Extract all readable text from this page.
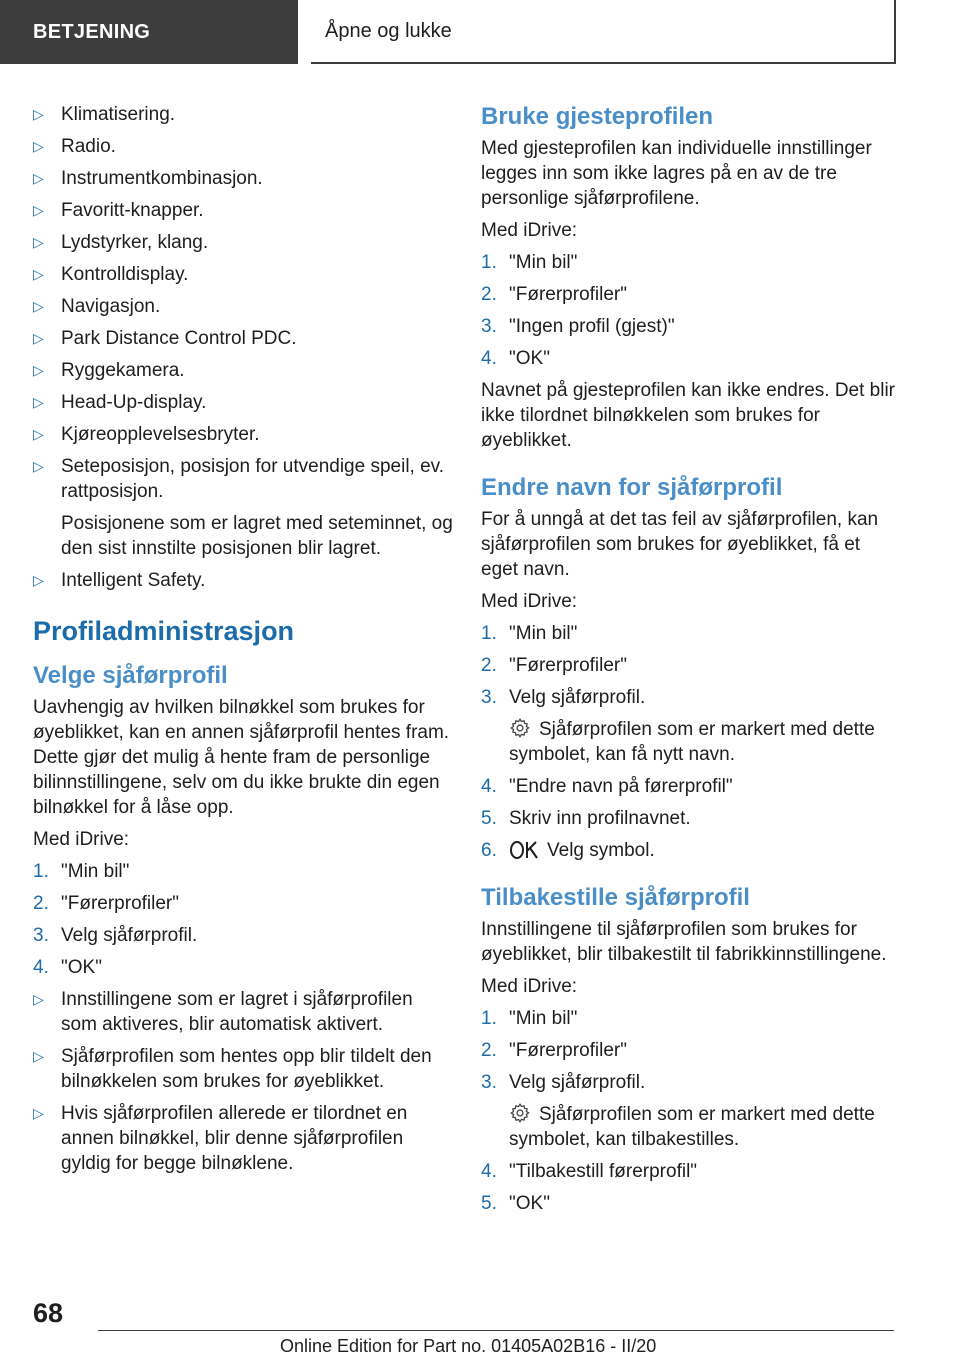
BETJENING	Åpne og lukke
▷ Klimatisering.
▷ Radio.
▷ Instrumentkombinasjon.
▷ Favoritt-knapper.
▷ Lydstyrker, klang.
▷ Kontrolldisplay.
▷ Navigasjon.
▷ Park Distance Control PDC.
▷ Ryggekamera.
▷ Head-Up-display.
▷ Kjøreopplevelsesbryter.
▷ Seteposisjon, posisjon for utvendige speil, ev. rattposisjon.
Posisjonene som er lagret med seteminnet, og den sist innstilte posisjonen blir lagret.
▷ Intelligent Safety.
Profiladministrasjon
Velge sjåførprofil

Uavhengig av hvilken bilnøkkel som brukes for øyeblikket, kan en annen sjåførprofil hentes fram. Dette gjør det mulig å hente fram de personlige bilinnstillingene, selv om du ikke brukte din egen bilnøkkel for å låse opp.

Med iDrive:

1. "Min bil"
2. "Førerprofiler"
3. Velg sjåførprofil.
4. "OK"
▷ Innstillingene som er lagret i sjåførprofilen som aktiveres, blir automatisk aktivert.
▷ Sjåførprofilen som hentes opp blir tildelt den bilnøkkelen som brukes for øyeblikket.
▷ Hvis sjåførprofilen allerede er tilordnet en annen bilnøkkel, blir denne sjåførprofilen gyldig for begge bilnøklene.
Bruke gjesteprofilen

Med gjesteprofilen kan individuelle innstillinger legges inn som ikke lagres på en av de tre personlige sjåførprofilene.

Med iDrive:

1. "Min bil"
2. "Førerprofiler"
3. "Ingen profil (gjest)"
4. "OK"

Navnet på gjesteprofilen kan ikke endres. Det blir ikke tilordnet bilnøkkelen som brukes for øyeblikket.

Endre navn for sjåførprofil

For å unngå at det tas feil av sjåførprofilen, kan sjåførprofilen som brukes for øyeblikket, få et eget navn.

Med iDrive:

1. "Min bil"
2. "Førerprofiler"
3. Velg sjåførprofil.
Sjåførprofilen som er markert med dette symbolet, kan få nytt navn.
4. "Endre navn på førerprofil"
5. Skriv inn profilnavnet.
6.	Velg symbol.
Tilbakestille sjåførprofil

Innstillingene til sjåførprofilen som brukes for øyeblikket, blir tilbakestilt til fabrikkinnstillingene.

Med iDrive:

1. "Min bil"
2. "Førerprofiler"
3. Velg sjåførprofil.
Sjåførprofilen som er markert med dette symbolet, kan tilbakestilles.
4. "Tilbakestill førerprofil"
5. "OK"
68
Online Edition for Part no. 01405A02B16 - II/20
